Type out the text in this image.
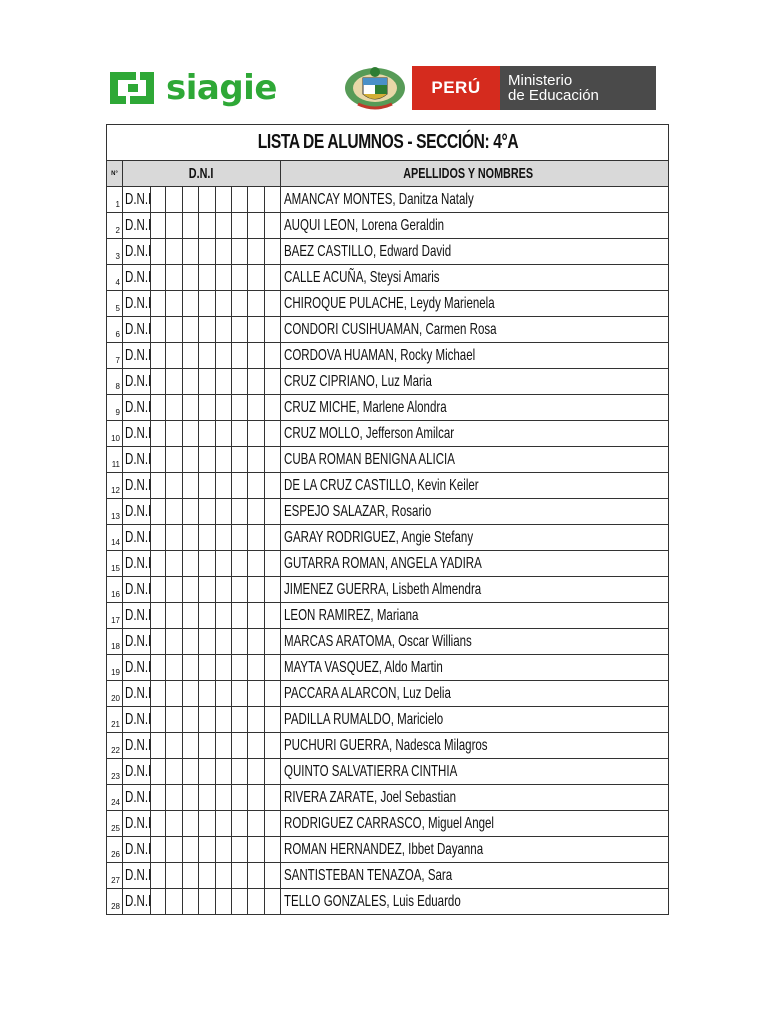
siagie	PERÚ Ministerio
de Educación
LISTA DE ALUMNOS - SECCIÓN: 4°A										
N°	D.N.I									APELLIDOS Y NOMBRES
1	D.N.I									AMANCAY MONTES, Danitza Nataly
2	D.N.I									AUQUI LEON, Lorena Geraldin
3	D.N.I									BAEZ CASTILLO, Edward David
4	D.N.I									CALLE ACUÑA, Steysi Amaris
5	D.N.I									CHIROQUE PULACHE, Leydy Marienela
6	D.N.I									CONDORI CUSIHUAMAN, Carmen Rosa
7	D.N.I									CORDOVA HUAMAN, Rocky Michael
8	D.N.I									CRUZ CIPRIANO, Luz Maria
9	D.N.I									CRUZ MICHE, Marlene Alondra
10	D.N.I									CRUZ MOLLO, Jefferson Amilcar
11	D.N.I									CUBA ROMAN BENIGNA ALICIA
12	D.N.I									DE LA CRUZ CASTILLO, Kevin Keiler
13	D.N.I									ESPEJO SALAZAR, Rosario
14	D.N.I									GARAY RODRIGUEZ, Angie Stefany
15	D.N.I									GUTARRA ROMAN, ANGELA YADIRA
16	D.N.I									JIMENEZ GUERRA, Lisbeth Almendra
17	D.N.I									LEON RAMIREZ, Mariana
18	D.N.I									MARCAS ARATOMA, Oscar Willians
19	D.N.I									MAYTA VASQUEZ, Aldo Martin
20	D.N.I									PACCARA ALARCON, Luz Delia
21	D.N.I									PADILLA RUMALDO, Maricielo
22	D.N.I									PUCHURI GUERRA, Nadesca Milagros
23	D.N.I									QUINTO SALVATIERRA CINTHIA
24	D.N.I									RIVERA ZARATE, Joel Sebastian
25	D.N.I									RODRIGUEZ CARRASCO, Miguel Angel
26	D.N.I									ROMAN HERNANDEZ, Ibbet Dayanna
27	D.N.I									SANTISTEBAN TENAZOA, Sara
28	D.N.I									TELLO GONZALES, Luis Eduardo
